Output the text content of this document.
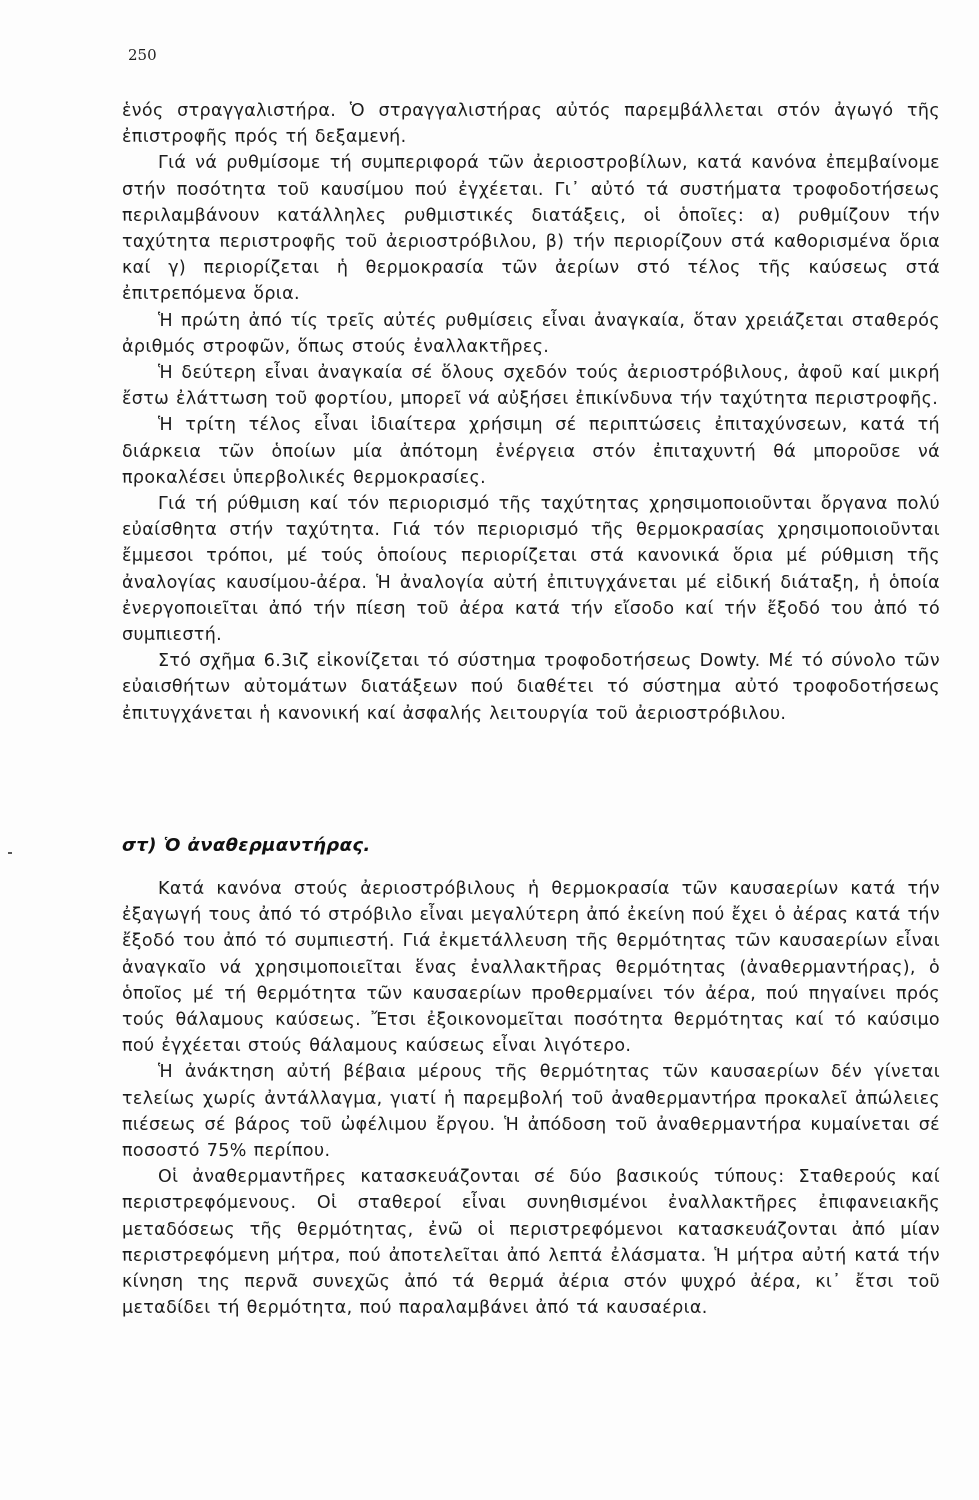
250

ἑνός στραγγαλιστήρα. Ὁ στραγγαλιστήρας αὐτός παρεμβάλλεται στόν ἀγωγό τῆς ἐπιστροφῆς πρός τή δεξαμενή.

Γιά νά ρυθμίσομε τή συμπεριφορά τῶν ἀεριοστροβίλων, κατά κανόνα ἐπεμβαίνομε στήν ποσότητα τοῦ καυσίμου πού ἐγχέεται. Γι᾽ αὐτό τά συστήματα τροφοδοτήσεως περιλαμβάνουν κατάλληλες ρυθμιστικές διατάξεις, οἱ ὁποῖες: α) ρυθμίζουν τήν ταχύτητα περιστροφῆς τοῦ ἀεριοστρόβιλου, β) τήν περιορίζουν στά καθορισμένα ὅρια καί γ) περιορίζεται ἡ θερμοκρασία τῶν ἀερίων στό τέλος τῆς καύσεως στά ἐπιτρεπόμενα ὅρια.

Ἡ πρώτη ἀπό τίς τρεῖς αὐτές ρυθμίσεις εἶναι ἀναγκαία, ὅταν χρειάζεται σταθερός ἀριθμός στροφῶν, ὅπως στούς ἐναλλακτῆρες.

Ἡ δεύτερη εἶναι ἀναγκαία σέ ὅλους σχεδόν τούς ἀεριοστρόβιλους, ἀφοῦ καί μικρή ἔστω ἐλάττωση τοῦ φορτίου, μπορεῖ νά αὐξήσει ἐπικίνδυνα τήν ταχύτητα περιστροφῆς.

Ἡ τρίτη τέλος εἶναι ἰδιαίτερα χρήσιμη σέ περιπτώσεις ἐπιταχύνσεων, κατά τή διάρκεια τῶν ὁποίων μία ἀπότομη ἐνέργεια στόν ἐπιταχυντή θά μποροῦσε νά προκαλέσει ὑπερβολικές θερμοκρασίες.

Γιά τή ρύθμιση καί τόν περιορισμό τῆς ταχύτητας χρησιμοποιοῦνται ὄργανα πολύ εὐαίσθητα στήν ταχύτητα. Γιά τόν περιορισμό τῆς θερμοκρασίας χρησιμοποιοῦνται ἔμμεσοι τρόποι, μέ τούς ὁποίους περιορίζεται στά κανονικά ὅρια μέ ρύθμιση τῆς ἀναλογίας καυσίμου-ἀέρα. Ἡ ἀναλογία αὐτή ἐπιτυγχάνεται μέ εἰδική διάταξη, ἡ ὁποία ἐνεργοποιεῖται ἀπό τήν πίεση τοῦ ἀέρα κατά τήν εἴσοδο καί τήν ἔξοδό του ἀπό τό συμπιεστή.

Στό σχῆμα 6.3ιζ εἰκονίζεται τό σύστημα τροφοδοτήσεως Dowty. Μέ τό σύνολο τῶν εὐαισθήτων αὐτομάτων διατάξεων πού διαθέτει τό σύστημα αὐτό τροφοδοτήσεως ἐπιτυγχάνεται ἡ κανονική καί ἀσφαλής λειτουργία τοῦ ἀεριοστρόβιλου.

στ) Ὁ ἀναθερμαντήρας.

Κατά κανόνα στούς ἀεριοστρόβιλους ἡ θερμοκρασία τῶν καυσαερίων κατά τήν ἐξαγωγή τους ἀπό τό στρόβιλο εἶναι μεγαλύτερη ἀπό ἐκείνη πού ἔχει ὁ ἀέρας κατά τήν ἔξοδό του ἀπό τό συμπιεστή. Γιά ἐκμετάλλευση τῆς θερμότητας τῶν καυσαερίων εἶναι ἀναγκαῖο νά χρησιμοποιεῖται ἕνας ἐναλλακτῆρας θερμότητας (ἀναθερμαντήρας), ὁ ὁποῖος μέ τή θερμότητα τῶν καυσαερίων προθερμαίνει τόν ἀέρα, πού πηγαίνει πρός τούς θάλαμους καύσεως. Ἔτσι ἐξοικονομεῖται ποσότητα θερμότητας καί τό καύσιμο πού ἐγχέεται στούς θάλαμους καύσεως εἶναι λιγότερο.

Ἡ ἀνάκτηση αὐτή βέβαια μέρους τῆς θερμότητας τῶν καυσαερίων δέν γίνεται τελείως χωρίς ἀντάλλαγμα, γιατί ἡ παρεμβολή τοῦ ἀναθερμαντήρα προκαλεῖ ἀπώλειες πιέσεως σέ βάρος τοῦ ὠφέλιμου ἔργου. Ἡ ἀπόδοση τοῦ ἀναθερμαντήρα κυμαίνεται σέ ποσοστό 75% περίπου.

Οἱ ἀναθερμαντῆρες κατασκευάζονται σέ δύο βασικούς τύπους: Σταθερούς καί περιστρεφόμενους. Οἱ σταθεροί εἶναι συνηθισμένοι ἐναλλακτῆρες ἐπιφανειακῆς μεταδόσεως τῆς θερμότητας, ἐνῶ οἱ περιστρεφόμενοι κατασκευάζονται ἀπό μίαν περιστρεφόμενη μήτρα, πού ἀποτελεῖται ἀπό λεπτά ἐλάσματα. Ἡ μήτρα αὐτή κατά τήν κίνηση της περνᾶ συνεχῶς ἀπό τά θερμά ἀέρια στόν ψυχρό ἀέρα, κι᾽ ἔτσι τοῦ μεταδίδει τή θερμότητα, πού παραλαμβάνει ἀπό τά καυσαέρια.
